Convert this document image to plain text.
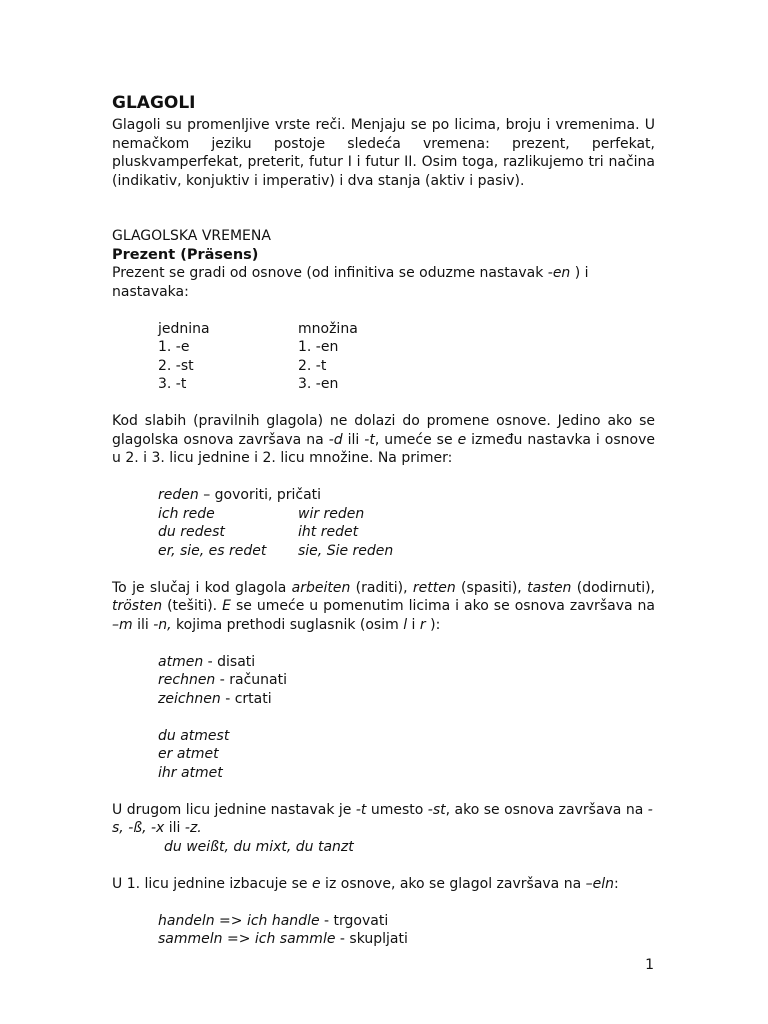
GLAGOLI

Glagoli su promenljive vrste reči. Menjaju se po licima, broju i vremenima. U nemačkom jeziku postoje sledeća vremena: prezent, perfekat, pluskvamperfekat, preterit, futur I i futur II. Osim toga, razlikujemo tri načina (indikativ, konjuktiv i imperativ) i dva stanja (aktiv i pasiv).

GLAGOLSKA VREMENA

Prezent (Präsens)

Prezent se gradi od osnove (od infinitiva se oduzme nastavak -en ) i nastavaka:

jednina	množina
1. -e	1. -en
2. -st	2. -t
3. -t	3. -en

Kod slabih (pravilnih glagola) ne dolazi do promene osnove. Jedino ako se glagolska osnova završava na -d ili -t, umeće se e između nastavka i osnove u 2. i 3. licu jednine i 2. licu množine. Na primer:

reden – govoriti, pričati

ich rede	wir reden
du redest	iht redet
er, sie, es redet	sie, Sie reden

To je slučaj i kod glagola arbeiten (raditi), retten (spasiti), tasten (dodirnuti), trösten (tešiti). E se umeće u pomenutim licima i ako se osnova završava na –m ili -n, kojima prethodi suglasnik (osim l i r ):

atmen - disati

rechnen - računati

zeichnen - crtati

du atmest

er atmet

ihr atmet

U drugom licu jednine nastavak je -t umesto -st, ako se osnova završava na -s, -ß, -x ili -z.

du weißt, du mixt, du tanzt

U 1. licu jednine izbacuje se e iz osnove, ako se glagol završava na –eln:

handeln => ich handle - trgovati

sammeln => ich sammle - skupljati

1
